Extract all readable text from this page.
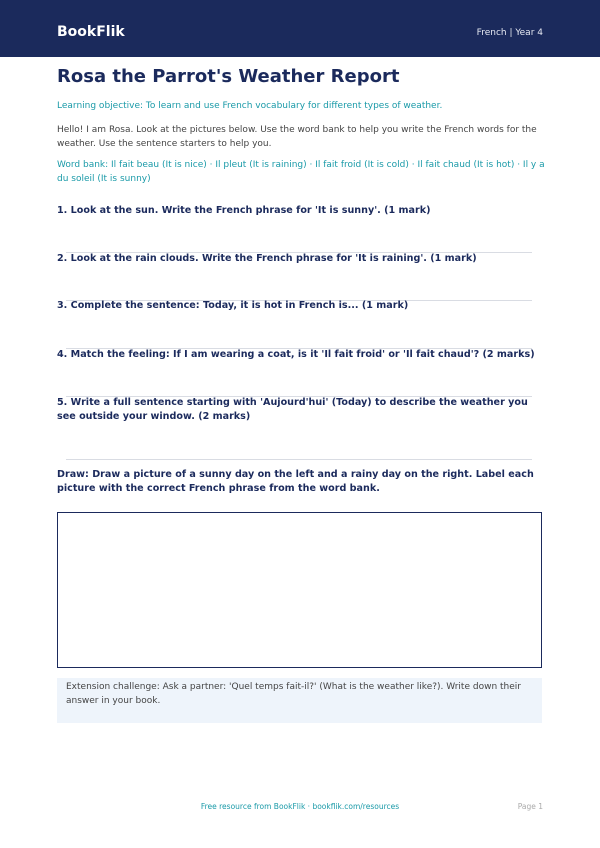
BookFlik	French | Year 4
Rosa the Parrot's Weather Report
Learning objective: To learn and use French vocabulary for different types of weather.
Hello! I am Rosa. Look at the pictures below. Use the word bank to help you write the French words for the weather. Use the sentence starters to help you.
Word bank: Il fait beau (It is nice) · Il pleut (It is raining) · Il fait froid (It is cold) · Il fait chaud (It is hot) · Il y a du soleil (It is sunny)
1. Look at the sun. Write the French phrase for 'It is sunny'. (1 mark)
2. Look at the rain clouds. Write the French phrase for 'It is raining'. (1 mark)
3. Complete the sentence: Today, it is hot in French is... (1 mark)
4. Match the feeling: If I am wearing a coat, is it 'Il fait froid' or 'Il fait chaud'? (2 marks)
5. Write a full sentence starting with 'Aujourd'hui' (Today) to describe the weather you see outside your window. (2 marks)
Draw: Draw a picture of a sunny day on the left and a rainy day on the right. Label each picture with the correct French phrase from the word bank.
Extension challenge: Ask a partner: 'Quel temps fait-il?' (What is the weather like?). Write down their answer in your book.
Free resource from BookFlik · bookflik.com/resources	Page 1
